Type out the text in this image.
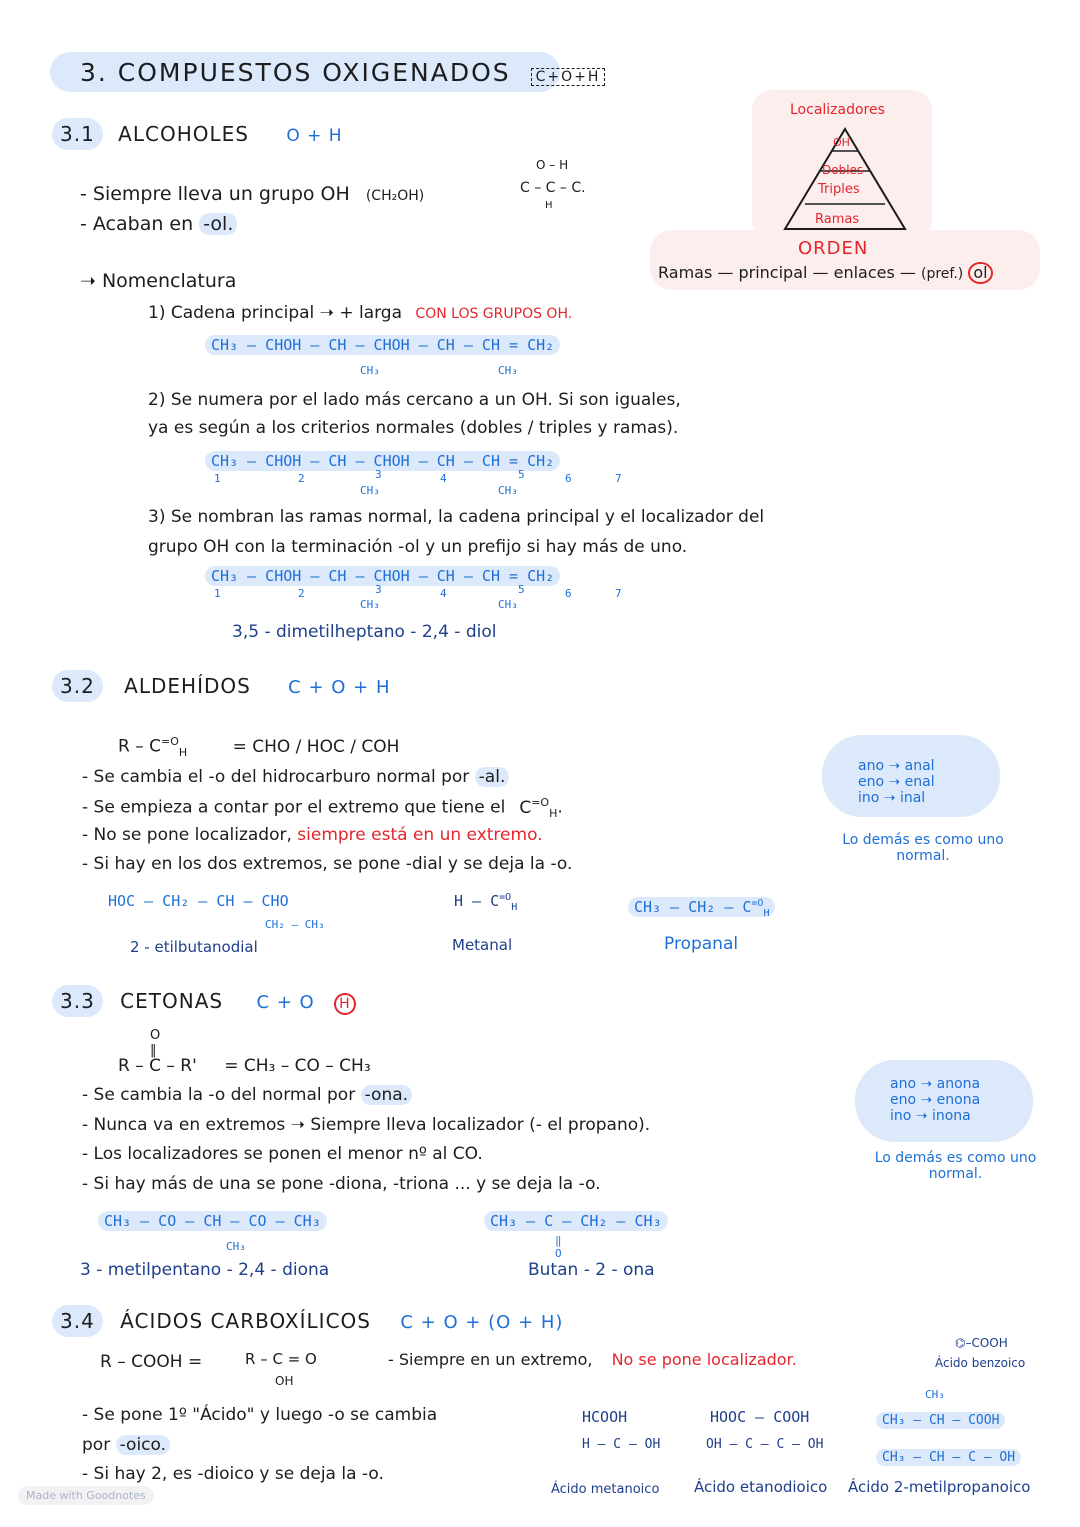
3. COMPUESTOS OXIGENADOS C+O+H
Localizadores
OH
Dobles
Triples
Ramas
ORDEN
Ramas — principal — enlaces — (pref.) ol
3.1 ALCOHOLES O + H
- Siempre lleva un grupo OH (CH₂OH)
O – H
C – C – C.
H
- Acaban en -ol.
➝ Nomenclatura
1) Cadena principal ➝ + larga CON LOS GRUPOS OH.
CH₃ – CHOH – CH – CHOH – CH – CH = CH₂
CH₃	CH₃
2) Se numera por el lado más cercano a un OH. Si son iguales,
ya es según a los criterios normales (dobles / triples y ramas).
CH₃ – CHOH – CH – CHOH – CH – CH = CH₂
1	2	3	4	5	6	7
CH₃	CH₃
3) Se nombran las ramas normal, la cadena principal y el localizador del
grupo OH con la terminación -ol y un prefijo si hay más de uno.
CH₃ – CHOH – CH – CHOH – CH – CH = CH₂
1	2	3	4	5	6	7
CH₃	CH₃
3,5 - dimetilheptano - 2,4 - diol
3.2 ALDEHÍDOS C + O + H
R – $C^{=O}_H$	= CHO / HOC / COH
- Se cambia el -o del hidrocarburo normal por -al.
- Se empieza a contar por el extremo que tiene el $C^{=O}_H$.
- No se pone localizador, siempre está en un extremo.
- Si hay en los dos extremos, se pone -dial y se deja la -o.
ano ➝ anal
eno ➝ enal
ino ➝ inal
Lo demás es como uno normal.
HOC – CH₂ – CH – CHO
CH₂ – CH₃
2 - etilbutanodial
H – $C^{=O}_H$
Metanal
$CH_3 - CH_2 - C^{=O}_H$
Propanal
3.3 CETONAS C + O H
O
‖
R – C – R' = CH₃ – CO – CH₃
- Se cambia la -o del normal por -ona.
- Nunca va en extremos ➝ Siempre lleva localizador (- el propano).
- Los localizadores se ponen el menor nº al CO.
- Si hay más de una se pone -diona, -triona ... y se deja la -o.
ano ➝ anona
eno ➝ enona
ino ➝ inona
Lo demás es como uno normal.
CH₃ – CO – CH – CO – CH₃
CH₃
3 - metilpentano - 2,4 - diona
CH₃ – C – CH₂ – CH₃
‖
O
Butan - 2 - ona
3.4 ÁCIDOS CARBOXÍLICOS C + O + (O + H)
R – COOH =	R – C = O
OH
- Siempre en un extremo, No se pone localizador.
⌬–COOH
Ácido benzoico
- Se pone 1º "Ácido" y luego -o se cambia
por -oico.
- Si hay 2, es -dioico y se deja la -o.
HCOOH
H – C – OH
Ácido metanoico
HOOC – COOH
OH – C – C – OH
Ácido etanodioico
CH₃
CH₃ – CH – COOH
CH₃ – CH – C – OH
Ácido 2-metilpropanoico
Made with Goodnotes
